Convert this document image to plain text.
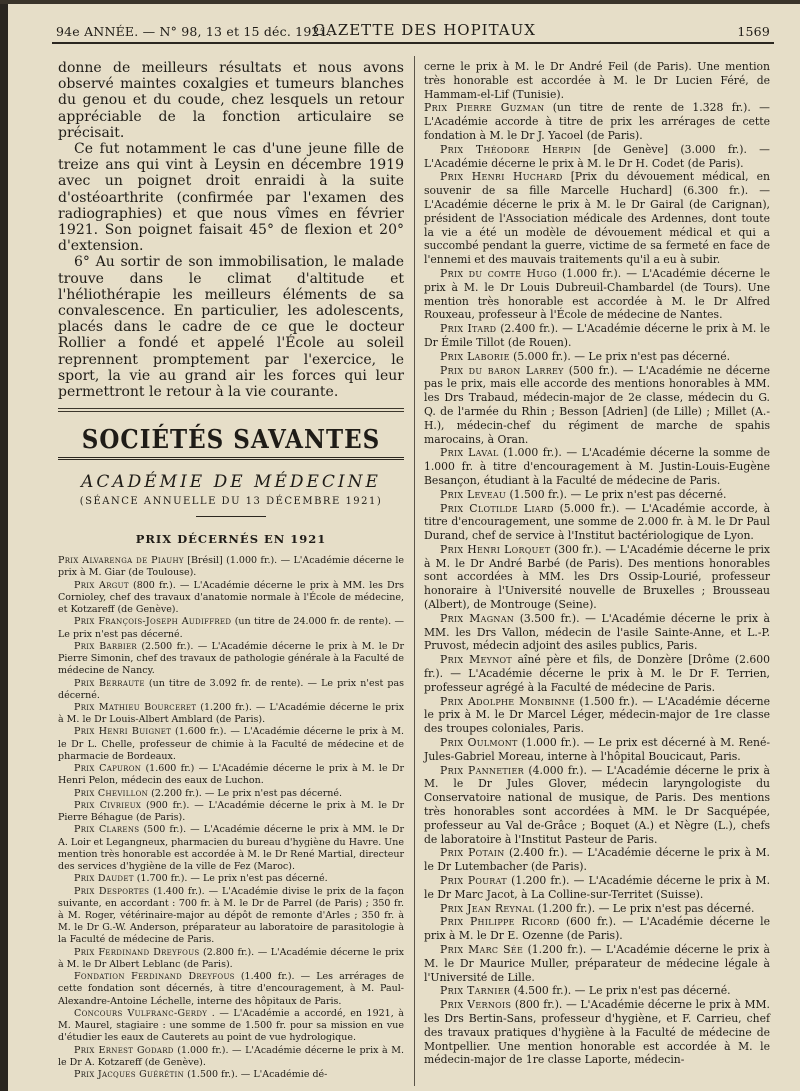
94e ANNÉE. — N° 98, 13 et 15 déc. 1921.
GAZETTE DES HOPITAUX	1569

donne de meilleurs résultats et nous avons observé maintes coxalgies et tumeurs blanches du genou et du coude, chez lesquels un retour appréciable de la fonction articulaire se précisait.

Ce fut notamment le cas d'une jeune fille de treize ans qui vint à Leysin en décembre 1919 avec un poignet droit enraidi à la suite d'ostéoarthrite (confirmée par l'examen des radiographies) et que nous vîmes en février 1921. Son poignet faisait 45° de flexion et 20° d'extension.

6° Au sortir de son immobilisation, le malade trouve dans le climat d'altitude et l'héliothérapie les meilleurs éléments de sa convalescence. En particulier, les adolescents, placés dans le cadre de ce que le docteur Rollier a fondé et appelé l'École au soleil reprennent promptement par l'exercice, le sport, la vie au grand air les forces qui leur permettront le retour à la vie courante.

SOCIÉTÉS SAVANTES
ACADÉMIE DE MÉDECINE
(SÉANCE ANNUELLE DU 13 DÉCEMBRE 1921)
PRIX DÉCERNÉS EN 1921

Prix Alvarenga de Piauhy [Brésil] (1.000 fr.). — L'Académie décerne le prix à M. Giar (de Toulouse).

Prix Argut (800 fr.). — L'Académie décerne le prix à MM. les Drs Cornioley, chef des travaux d'anatomie normale à l'École de médecine, et Kotzareff (de Genève).

Prix François-Joseph Audiffred (un titre de 24.000 fr. de rente). — Le prix n'est pas décerné.

Prix Barbier (2.500 fr.). — L'Académie décerne le prix à M. le Dr Pierre Simonin, chef des travaux de pathologie générale à la Faculté de médecine de Nancy.

Prix Berraute (un titre de 3.092 fr. de rente). — Le prix n'est pas décerné.

Prix Mathieu Bourceret (1.200 fr.). — L'Académie décerne le prix à M. le Dr Louis-Albert Amblard (de Paris).

Prix Henri Buignet (1.600 fr.). — L'Académie décerne le prix à M. le Dr L. Chelle, professeur de chimie à la Faculté de médecine et de pharmacie de Bordeaux.

Prix Capuron (1.600 fr.) — L'Académie décerne le prix à M. le Dr Henri Pelon, médecin des eaux de Luchon.

Prix Chevillon (2.200 fr.). — Le prix n'est pas décerné.

Prix Civrieux (900 fr.). — L'Académie décerne le prix à M. le Dr Pierre Béhague (de Paris).

Prix Clarens (500 fr.). — L'Académie décerne le prix à MM. le Dr A. Loir et Legangneux, pharmacien du bureau d'hygiène du Havre. Une mention très honorable est accordée à M. le Dr René Martial, directeur des services d'hygiène de la ville de Fez (Maroc).

Prix Daudet (1.700 fr.). — Le prix n'est pas décerné.

Prix Desportes (1.400 fr.). — L'Académie divise le prix de la façon suivante, en accordant : 700 fr. à M. le Dr de Parrel (de Paris) ; 350 fr. à M. Roger, vétérinaire-major au dépôt de remonte d'Arles ; 350 fr. à M. le Dr G.-W. Anderson, préparateur au laboratoire de parasitologie à la Faculté de médecine de Paris.

Prix Ferdinand Dreyfous (2.800 fr.). — L'Académie décerne le prix à M. le Dr Albert Leblanc (de Paris).

Fondation Ferdinand Dreyfous (1.400 fr.). — Les arrérages de cette fondation sont décernés, à titre d'encouragement, à M. Paul-Alexandre-Antoine Léchelle, interne des hôpitaux de Paris.

Concours Vulfranc-Gerdy . — L'Académie a accordé, en 1921, à M. Maurel, stagiaire : une somme de 1.500 fr. pour sa mission en vue d'étudier les eaux de Cauterets au point de vue hydrologique.

Prix Ernest Godard (1.000 fr.). — L'Académie décerne le prix à M. le Dr A. Kotzareff (de Genève).

Prix Jacques Guérétin (1.500 fr.). — L'Académie dé-

cerne le prix à M. le Dr André Feil (de Paris). Une mention très honorable est accordée à M. le Dr Lucien Féré, de Hammam-el-Lif (Tunisie).

Prix Pierre Guzman (un titre de rente de 1.328 fr.). — L'Académie accorde à titre de prix les arrérages de cette fondation à M. le Dr J. Yacoel (de Paris).

Prix Théodore Herpin [de Genève] (3.000 fr.). — L'Académie décerne le prix à M. le Dr H. Codet (de Paris).

Prix Henri Huchard [Prix du dévouement médical, en souvenir de sa fille Marcelle Huchard] (6.300 fr.). — L'Académie décerne le prix à M. le Dr Gairal (de Carignan), président de l'Association médicale des Ardennes, dont toute la vie a été un modèle de dévouement médical et qui a succombé pendant la guerre, victime de sa fermeté en face de l'ennemi et des mauvais traitements qu'il a eu à subir.

Prix du comte Hugo (1.000 fr.). — L'Académie décerne le prix à M. le Dr Louis Dubreuil-Chambardel (de Tours). Une mention très honorable est accordée à M. le Dr Alfred Rouxeau, professeur à l'École de médecine de Nantes.

Prix Itard (2.400 fr.). — L'Académie décerne le prix à M. le Dr Émile Tillot (de Rouen).

Prix Laborie (5.000 fr.). — Le prix n'est pas décerné.

Prix du baron Larrey (500 fr.). — L'Académie ne décerne pas le prix, mais elle accorde des mentions honorables à MM. les Drs Trabaud, médecin-major de 2e classe, médecin du G. Q. de l'armée du Rhin ; Besson [Adrien] (de Lille) ; Millet (A.-H.), médecin-chef du régiment de marche de spahis marocains, à Oran.

Prix Laval (1.000 fr.). — L'Académie décerne la somme de 1.000 fr. à titre d'encouragement à M. Justin-Louis-Eugène Besançon, étudiant à la Faculté de médecine de Paris.

Prix Leveau (1.500 fr.). — Le prix n'est pas décerné.

Prix Clotilde Liard (5.000 fr.). — L'Académie accorde, à titre d'encouragement, une somme de 2.000 fr. à M. le Dr Paul Durand, chef de service à l'Institut bactériologique de Lyon.

Prix Henri Lorquet (300 fr.). — L'Académie décerne le prix à M. le Dr André Barbé (de Paris). Des mentions honorables sont accordées à MM. les Drs Ossip-Lourié, professeur honoraire à l'Université nouvelle de Bruxelles ; Brousseau (Albert), de Montrouge (Seine).

Prix Magnan (3.500 fr.). — L'Académie décerne le prix à MM. les Drs Vallon, médecin de l'asile Sainte-Anne, et L.-P. Pruvost, médecin adjoint des asiles publics, Paris.

Prix Meynot aîné père et fils, de Donzère [Drôme (2.600 fr.). — L'Académie décerne le prix à M. le Dr F. Terrien, professeur agrégé à la Faculté de médecine de Paris.

Prix Adolphe Monbinne (1.500 fr.). — L'Académie décerne le prix à M. le Dr Marcel Léger, médecin-major de 1re classe des troupes coloniales, Paris.

Prix Oulmont (1.000 fr.). — Le prix est décerné à M. René-Jules-Gabriel Moreau, interne à l'hôpital Boucicaut, Paris.

Prix Pannetier (4.000 fr.). — L'Académie décerne le prix à M. le Dr Jules Glover, médecin laryngologiste du Conservatoire national de musique, de Paris. Des mentions très honorables sont accordées à MM. le Dr Sacquépée, professeur au Val de-Grâce ; Boquet (A.) et Nègre (L.), chefs de laboratoire à l'Institut Pasteur de Paris.

Prix Potain (2.400 fr.). — L'Académie décerne le prix à M. le Dr Lutembacher (de Paris).

Prix Pourat (1.200 fr.). — L'Académie décerne le prix à M. le Dr Marc Jacot, à La Colline-sur-Territet (Suisse).

Prix Jean Reynal (1.200 fr.). — Le prix n'est pas décerné.

Prix Philippe Ricord (600 fr.). — L'Académie décerne le prix à M. le Dr E. Ozenne (de Paris).

Prix Marc Sée (1.200 fr.). — L'Académie décerne le prix à M. le Dr Maurice Muller, préparateur de médecine légale à l'Université de Lille.

Prix Tarnier (4.500 fr.). — Le prix n'est pas décerné.

Prix Vernois (800 fr.). — L'Académie décerne le prix à MM. les Drs Bertin-Sans, professeur d'hygiène, et F. Carrieu, chef des travaux pratiques d'hygiène à la Faculté de médecine de Montpellier. Une mention honorable est accordée à M. le médecin-major de 1re classe Laporte, médecin-
